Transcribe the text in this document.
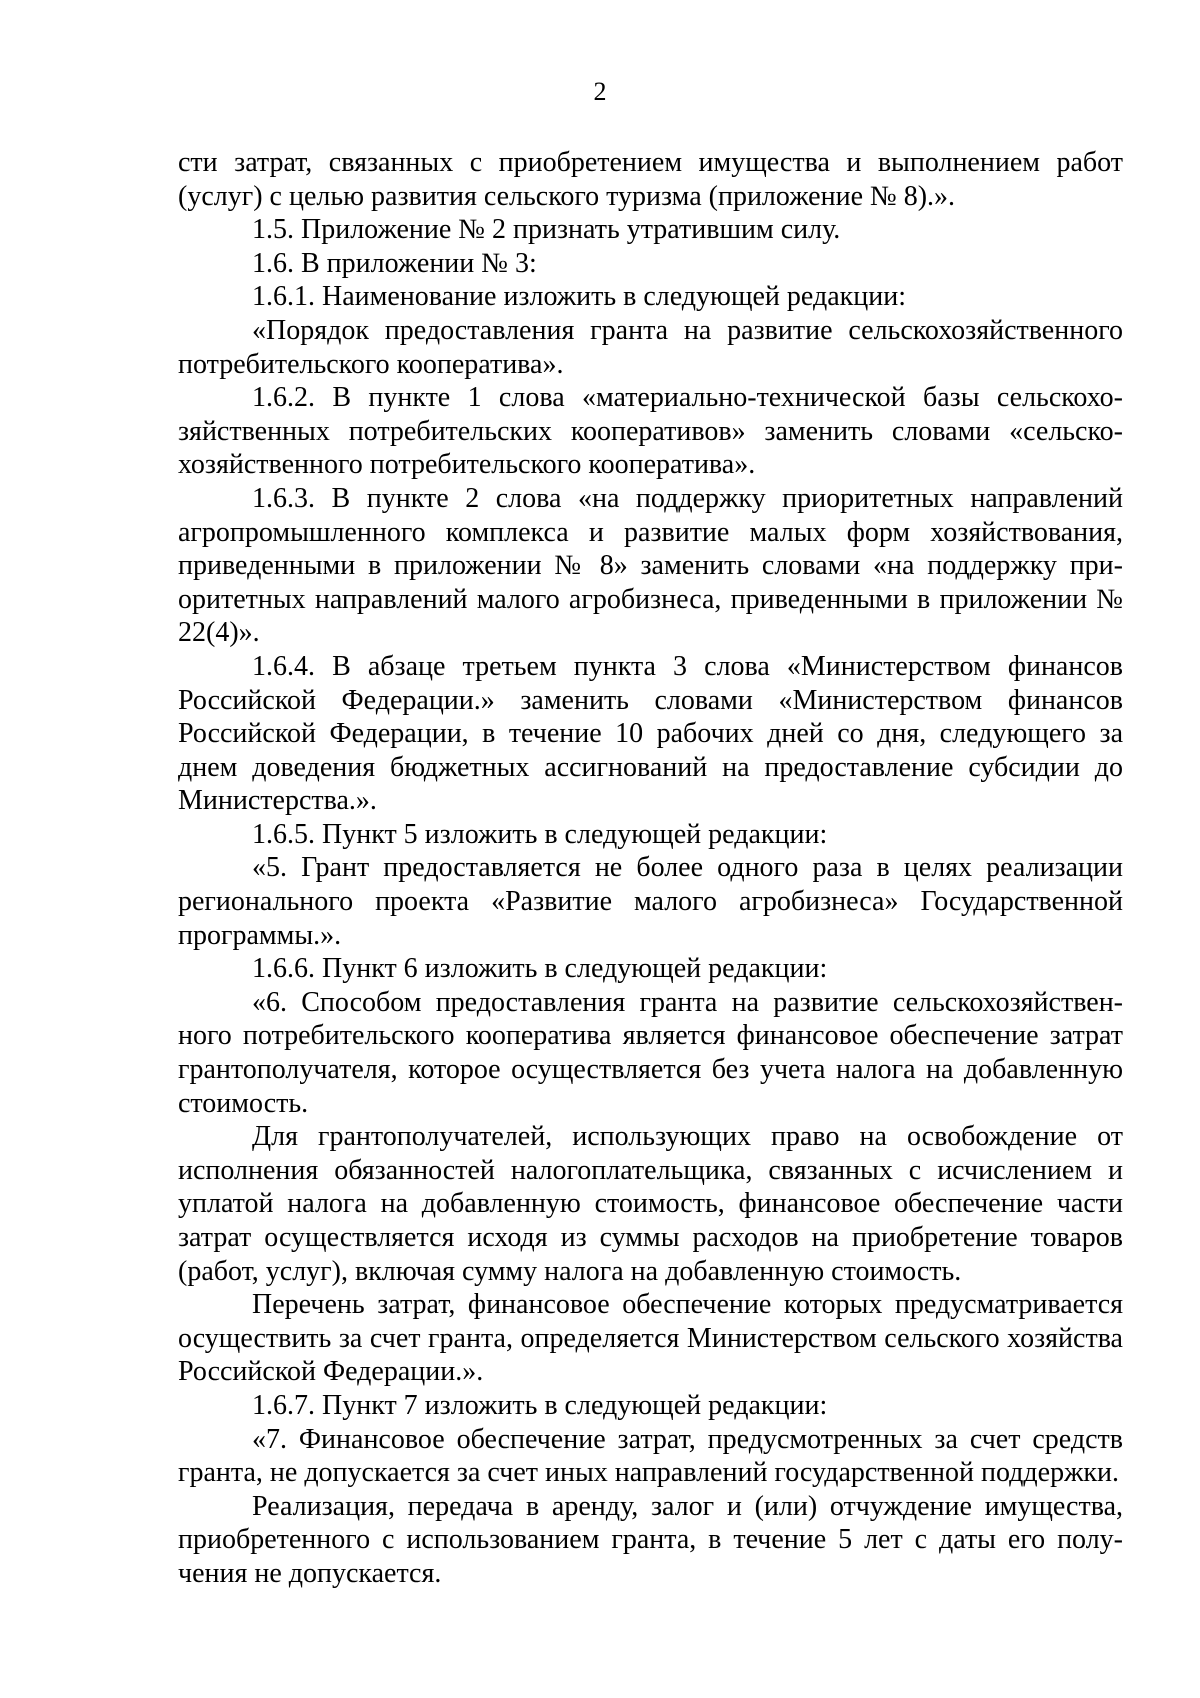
2

сти затрат, связанных с приобретением имущества и выполнением работ (услуг) с целью развития сельского туризма (приложение № 8).».

1.5. Приложение № 2 признать утратившим силу.

1.6. В приложении № 3:

1.6.1. Наименование изложить в следующей редакции:

«Порядок предоставления гранта на развитие сельскохозяйственного потребительского кооператива».

1.6.2. В пункте 1 слова «материально-технической базы сельскохозяйственных потребительских кооперативов» заменить словами «сельскохозяйственного потребительского кооператива».

1.6.3. В пункте 2 слова «на поддержку приоритетных направлений агропромышленного комплекса и развитие малых форм хозяйствования, приведенными в приложении № 8» заменить словами «на поддержку приоритетных направлений малого агробизнеса, приведенными в приложении № 22(4)».

1.6.4. В абзаце третьем пункта 3 слова «Министерством финансов Российской Федерации.» заменить словами «Министерством финансов Российской Федерации, в течение 10 рабочих дней со дня, следующего за днем доведения бюджетных ассигнований на предоставление субсидии до Министерства.».

1.6.5. Пункт 5 изложить в следующей редакции:

«5. Грант предоставляется не более одного раза в целях реализации регионального проекта «Развитие малого агробизнеса» Государственной программы.».

1.6.6. Пункт 6 изложить в следующей редакции:

«6. Способом предоставления гранта на развитие сельскохозяйственного потребительского кооператива является финансовое обеспечение затрат грантополучателя, которое осуществляется без учета налога на добавленную стоимость.

Для грантополучателей, использующих право на освобождение от исполнения обязанностей налогоплательщика, связанных с исчислением и уплатой налога на добавленную стоимость, финансовое обеспечение части затрат осуществляется исходя из суммы расходов на приобретение товаров (работ, услуг), включая сумму налога на добавленную стоимость.

Перечень затрат, финансовое обеспечение которых предусматривается осуществить за счет гранта, определяется Министерством сельского хозяйства Российской Федерации.».

1.6.7. Пункт 7 изложить в следующей редакции:

«7. Финансовое обеспечение затрат, предусмотренных за счет средств гранта, не допускается за счет иных направлений государственной поддержки.

Реализация, передача в аренду, залог и (или) отчуждение имущества, приобретенного с использованием гранта, в течение 5 лет с даты его получения не допускается.
